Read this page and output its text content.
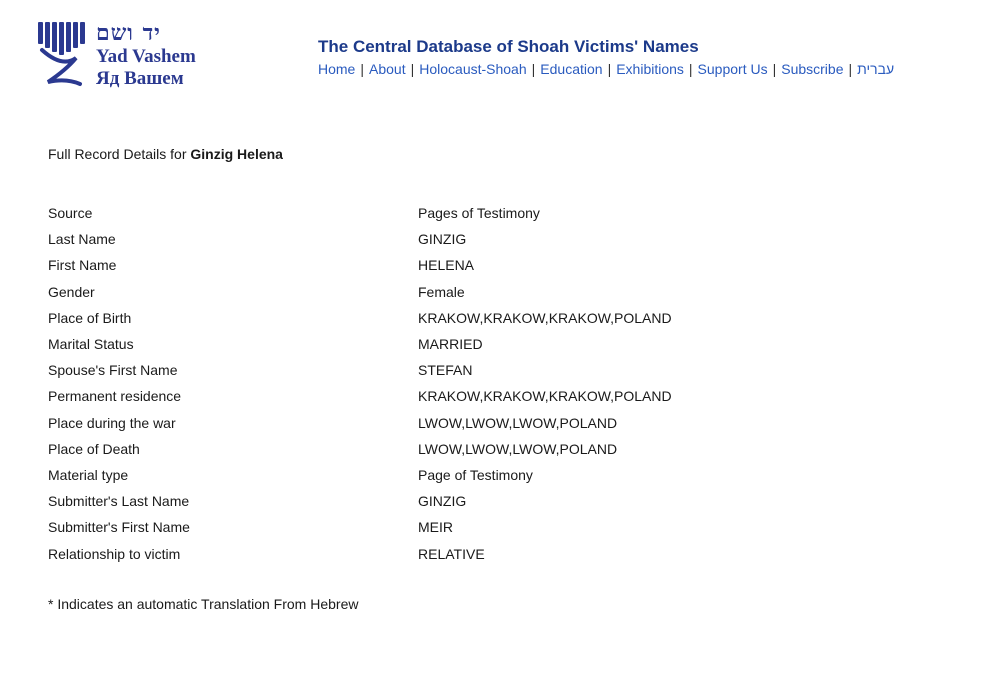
יד ושם
Yad Vashem
Яд Вашем
The Central Database of Shoah Victims' Names
Home | About | Holocaust-Shoah | Education | Exhibitions | Support Us | Subscribe | עברית
Full Record Details for Ginzig Helena
Source	Pages of Testimony
Last Name	GINZIG
First Name	HELENA
Gender	Female
Place of Birth	KRAKOW,KRAKOW,KRAKOW,POLAND
Marital Status	MARRIED
Spouse's First Name	STEFAN
Permanent residence	KRAKOW,KRAKOW,KRAKOW,POLAND
Place during the war	LWOW,LWOW,LWOW,POLAND
Place of Death	LWOW,LWOW,LWOW,POLAND
Material type	Page of Testimony
Submitter's Last Name	GINZIG
Submitter's First Name	MEIR
Relationship to victim	RELATIVE
* Indicates an automatic Translation From Hebrew
